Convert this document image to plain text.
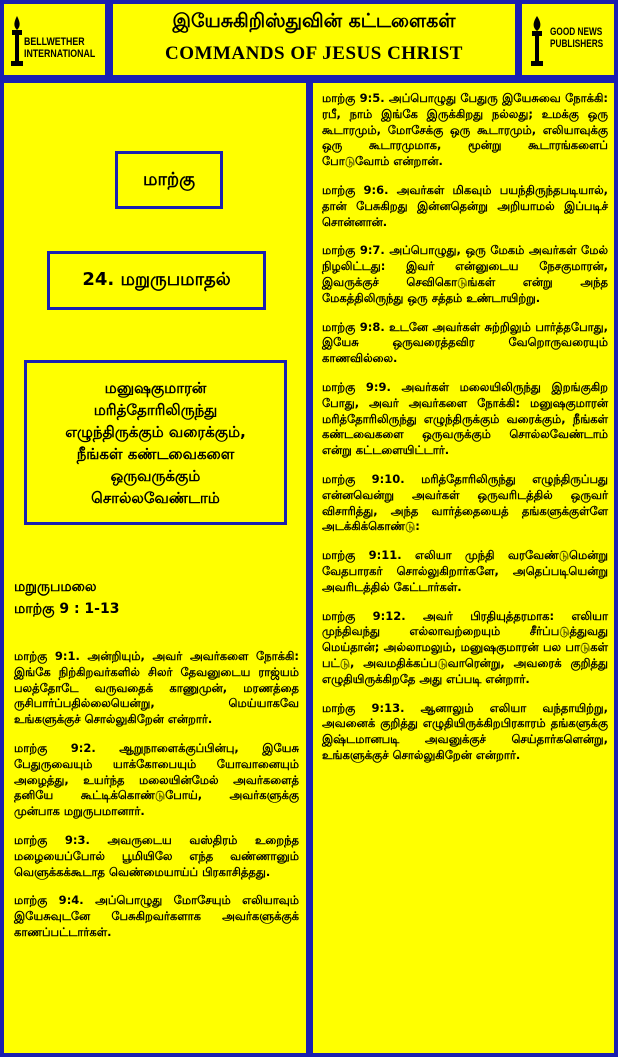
BELLWETHER
INTERNATIONAL
இயேசுகிறிஸ்துவின் கட்டளைகள்
COMMANDS OF JESUS CHRIST
GOOD NEWS
PUBLISHERS
மாற்கு
24. மறுருபமாதல்
மனுஷகுமாரன்
மரித்தோரிலிருந்து
எழுந்திருக்கும் வரைக்கும்,
நீங்கள் கண்டவைகளை
ஒருவருக்கும்
சொல்லவேண்டாம்
மறுருபமலை
மாற்கு 9 : 1-13

மாற்கு 9:1. அன்றியும், அவர் அவர்களை நோக்கி: இங்கே நிற்கிறவர்களில் சிலர் தேவனுடைய ராஜ்யம் பலத்தோடே வருவதைக் காணுமுன், மரணத்தை ருசிபார்ப்பதில்லையென்று, மெய்யாகவே உங்களுக்குச் சொல்லுகிறேன் என்றார்.

மாற்கு 9:2. ஆறுநாளைக்குப்பின்பு, இயேசு பேதுருவையும் யாக்கோபையும் யோவானையும் அழைத்து, உயர்ந்த மலையின்மேல் அவர்களைத் தனியே கூட்டிக்கொண்டுபோய், அவர்களுக்கு முன்பாக மறுருபமானார்.

மாற்கு 9:3. அவருடைய வஸ்திரம் உறைந்த மழையைப்போல் பூமியிலே எந்த வண்ணானும் வெளுக்கக்கூடாத வெண்மையாய்ப் பிரகாசித்தது.

மாற்கு 9:4. அப்பொழுது மோசேயும் எலியாவும் இயேசுவுடனே பேசுகிறவர்களாக அவர்களுக்குக் காணப்பட்டார்கள்.

மாற்கு 9:5. அப்பொழுது பேதுரு இயேசுவை நோக்கி: ரபீ, நாம் இங்கே இருக்கிறது நல்லது; உமக்கு ஒரு கூடாரமும், மோசேக்கு ஒரு கூடாரமும், எலியாவுக்கு ஒரு கூடாரமுமாக, மூன்று கூடாரங்களைப் போடுவோம் என்றான்.

மாற்கு 9:6. அவர்கள் மிகவும் பயந்திருந்தபடியால், தான் பேசுகிறது இன்னதென்று அறியாமல் இப்படிச் சொன்னான்.

மாற்கு 9:7. அப்பொழுது, ஒரு மேகம் அவர்கள் மேல் நிழலிட்டது: இவர் என்னுடைய நேசகுமாரன், இவருக்குச் செவிகொடுங்கள் என்று அந்த மேகத்திலிருந்து ஒரு சத்தம் உண்டாயிற்று.

மாற்கு 9:8. உடனே அவர்கள் சுற்றிலும் பார்த்தபோது, இயேசு ஒருவரைத்தவிர வேறொருவரையும் காணவில்லை.

மாற்கு 9:9. அவர்கள் மலையிலிருந்து இறங்குகிற போது, அவர் அவர்களை நோக்கி: மனுஷகுமாரன் மரித்தோரிலிருந்து எழுந்திருக்கும் வரைக்கும், நீங்கள் கண்டவைகளை ஒருவருக்கும் சொல்லவேண்டாம் என்று கட்டளையிட்டார்.

மாற்கு 9:10. மரித்தோரிலிருந்து எழுந்திருப்பது என்னவென்று அவர்கள் ஒருவரிடத்தில் ஒருவர் விசாரித்து, அந்த வார்த்தையைத் தங்களுக்குள்ளே அடக்கிக்கொண்டு:

மாற்கு 9:11. எலியா முந்தி வரவேண்டுமென்று வேதபாரகர் சொல்லுகிறார்களே, அதெப்படியென்று அவரிடத்தில் கேட்டார்கள்.

மாற்கு 9:12. அவர் பிரதியுத்தரமாக: எலியா முந்திவந்து எல்லாவற்றையும் சீர்ப்படுத்துவது மெய்தான்; அல்லாமலும், மனுஷகுமாரன் பல பாடுகள் பட்டு, அவமதிக்கப்படுவாரென்று, அவரைக் குறித்து எழுதியிருக்கிறதே அது எப்படி என்றார்.

மாற்கு 9:13. ஆனாலும் எலியா வந்தாயிற்று, அவனைக் குறித்து எழுதியிருக்கிறபிரகாரம் தங்களுக்கு இஷ்டமானபடி அவனுக்குச் செய்தார்களென்று, உங்களுக்குச் சொல்லுகிறேன் என்றார்.
